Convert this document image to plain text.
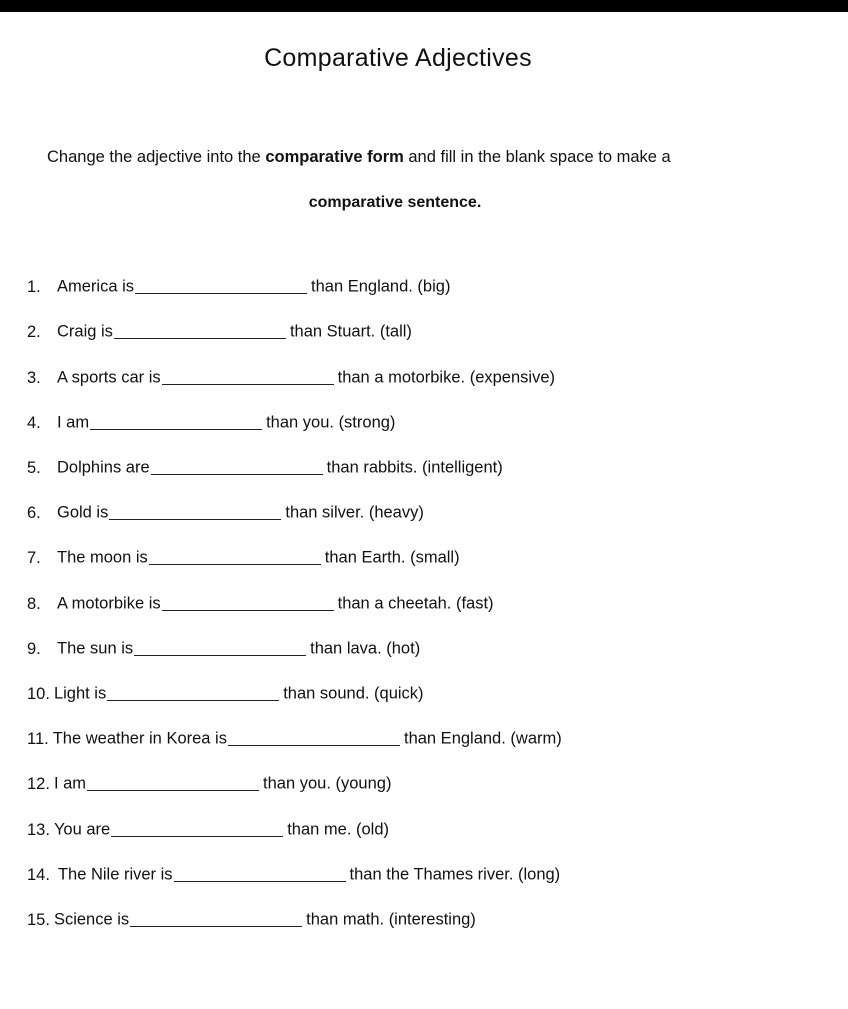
Comparative Adjectives
Change the adjective into the comparative form and fill in the blank space to make a
comparative sentence.
1. America is	than England. (big)
2. Craig is	than Stuart. (tall)
3. A sports car is	than a motorbike. (expensive)
4. I am	than you. (strong)
5. Dolphins are	than rabbits. (intelligent)
6. Gold is	than silver. (heavy)
7. The moon is	than Earth. (small)
8. A motorbike is	than a cheetah. (fast)
9. The sun is	than lava. (hot)
10. Light is	than sound. (quick)
11. The weather in Korea is	than England. (warm)
12. I am	than you. (young)
13. You are	than me. (old)
14. The Nile river is	than the Thames river. (long)
15. Science is	than math. (interesting)
